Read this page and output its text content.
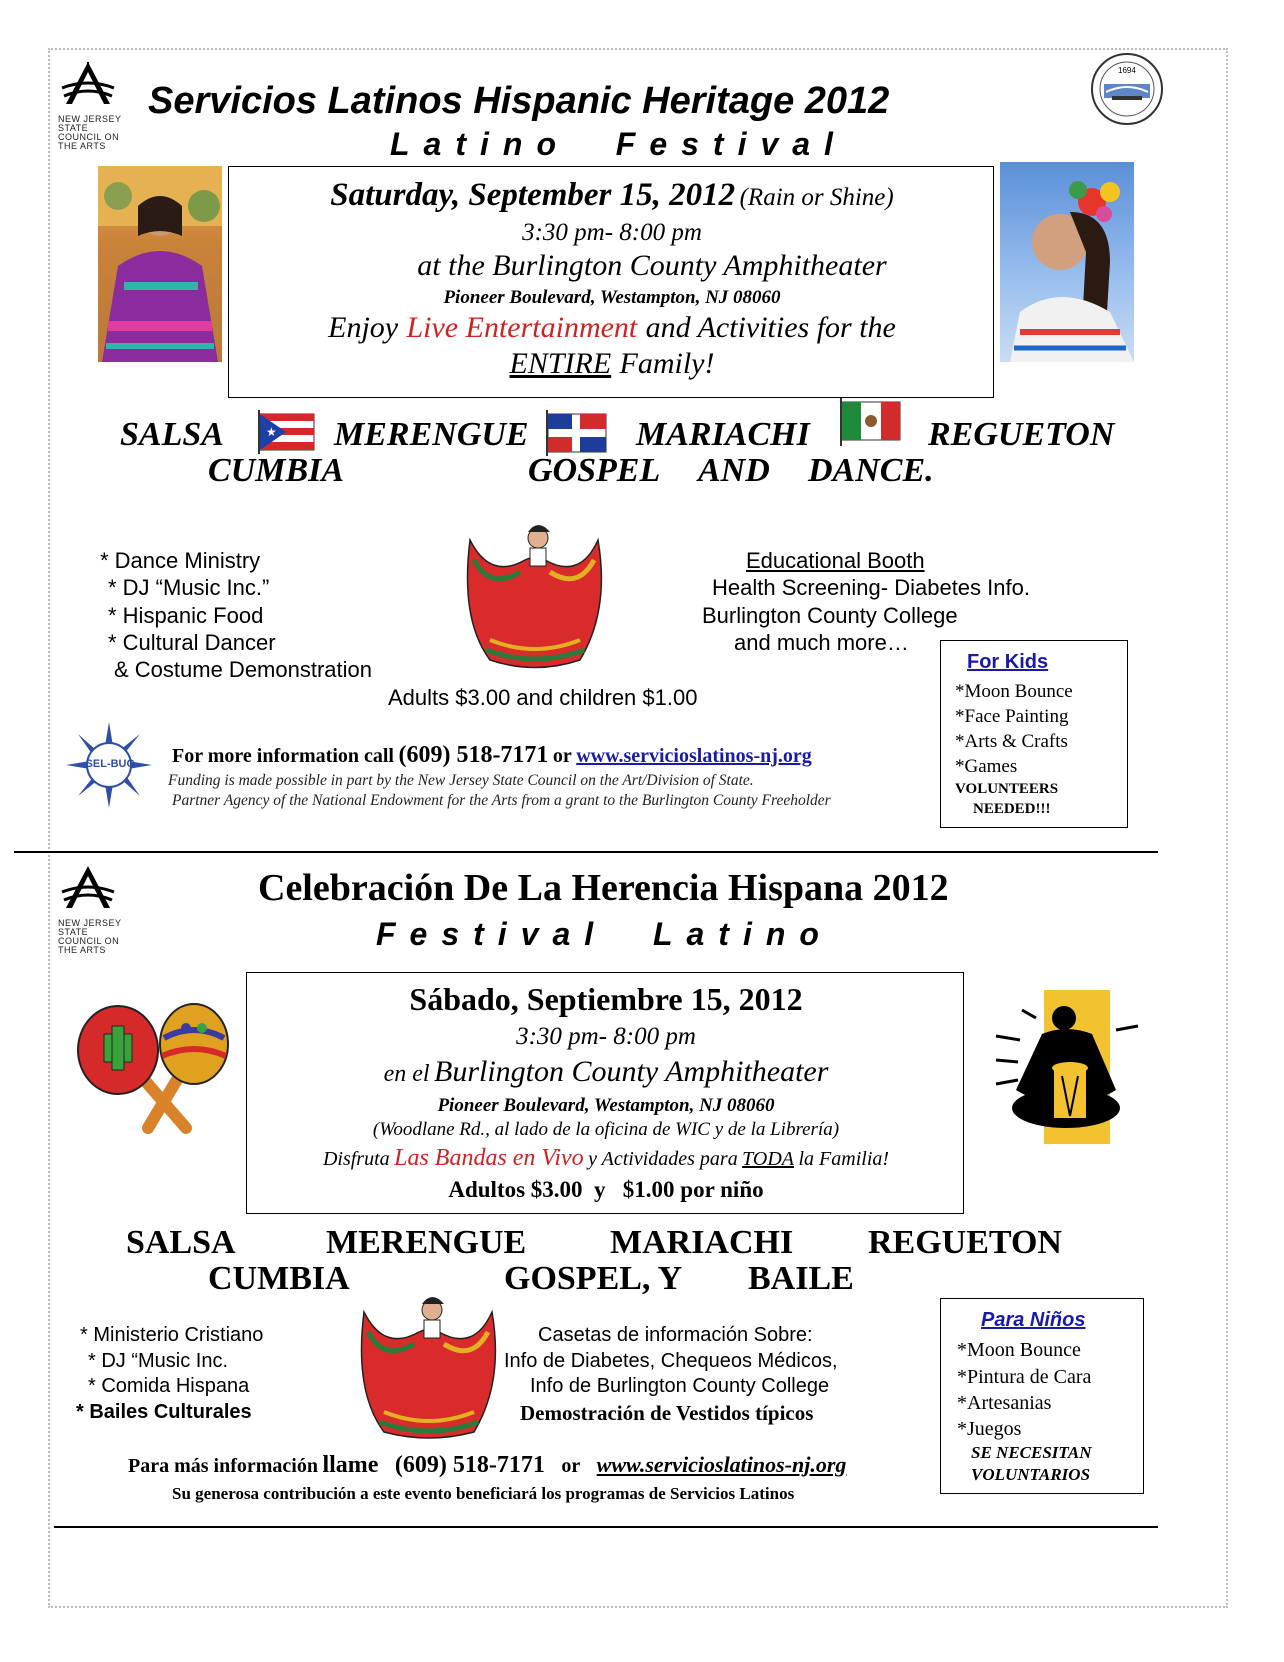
NEW JERSEY STATE COUNCIL ON THE ARTS
1694
Servicios Latinos Hispanic Heritage 2012
Latino  Festival
Saturday, September 15, 2012 (Rain or Shine)
3:30 pm- 8:00 pm
at the Burlington County Amphitheater
Pioneer Boulevard, Westampton, NJ 08060
Enjoy Live Entertainment and Activities for the
ENTIRE Family!
SALSA	★ MERENGUE	MARIACHI	REGUETON
CUMBIA	GOSPEL AND DANCE.
* Dance Ministry
* DJ “Music Inc.”
* Hispanic Food
* Cultural Dancer
& Costume Demonstration
Educational Booth
Health Screening- Diabetes Info.
Burlington County College
and much more…
Adults $3.00 and children $1.00
SEL-BUC For more information call (609) 518-7171 or www.servicioslatinos-nj.org
Funding is made possible in part by the New Jersey State Council on the Art/Division of State.
Partner Agency of the National Endowment for the Arts from a grant to the Burlington County Freeholder
For Kids
*Moon Bounce
*Face Painting
*Arts & Crafts
*Games
VOLUNTEERS
NEEDED!!!
NEW JERSEY STATE COUNCIL ON THE ARTS
Celebración De La Herencia Hispana 2012
Festival  Latino
Sábado, Septiembre 15, 2012
3:30 pm- 8:00 pm
en el Burlington County Amphitheater
Pioneer Boulevard, Westampton, NJ 08060
(Woodlane Rd., al lado de la oficina de WIC y de la Librería)
Disfruta Las Bandas en Vivo y Actividades para TODA la Familia!
Adultos $3.00  y   $1.00 por niño
SALSA	MERENGUE MARIACHI REGUETON
CUMBIA	GOSPEL, Y BAILE
* Ministerio Cristiano
* DJ “Music Inc.
* Comida Hispana
* Bailes Culturales
Casetas de información Sobre:
Info de Diabetes, Chequeos Médicos,
Info de Burlington County College
Demostración de Vestidos típicos
Para Niños
*Moon Bounce
*Pintura de Cara
*Artesanias
*Juegos
SE NECESITAN
VOLUNTARIOS
Para más información llame (609) 518-7171 or www.servicioslatinos-nj.org
Su generosa contribución a este evento beneficiará los programas de Servicios Latinos
